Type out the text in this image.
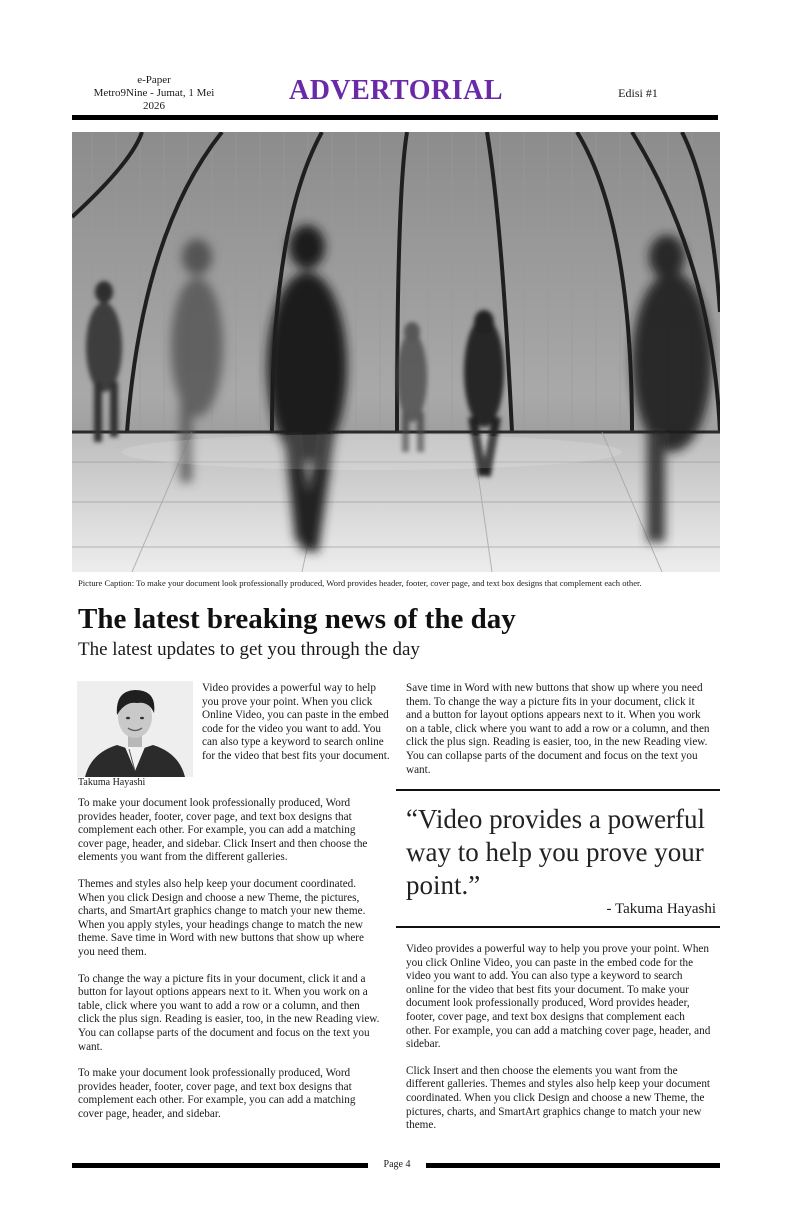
e-Paper
Metro9Nine - Jumat, 1 Mei
2026	ADVERTORIAL	Edisi #1
Picture Caption: To make your document look professionally produced, Word provides header, footer, cover page, and text box designs that complement each other.
The latest breaking news of the day
The latest updates to get you through the day
Takuma Hayashi
Video provides a powerful way to help you prove your point. When you click Online Video, you can paste in the embed code for the video you want to add. You can also type a keyword to search online for the video that best fits your document.

To make your document look professionally produced, Word provides header, footer, cover page, and text box designs that complement each other. For example, you can add a matching cover page, header, and sidebar. Click Insert and then choose the elements you want from the different galleries.

Themes and styles also help keep your document coordinated. When you click Design and choose a new Theme, the pictures, charts, and SmartArt graphics change to match your new theme. When you apply styles, your headings change to match the new theme. Save time in Word with new buttons that show up where you need them.

To change the way a picture fits in your document, click it and a button for layout options appears next to it. When you work on a table, click where you want to add a row or a column, and then click the plus sign. Reading is easier, too, in the new Reading view. You can collapse parts of the document and focus on the text you want.

To make your document look professionally produced, Word provides header, footer, cover page, and text box designs that complement each other. For example, you can add a matching cover page, header, and sidebar.

Save time in Word with new buttons that show up where you need them. To change the way a picture fits in your document, click it and a button for layout options appears next to it. When you work on a table, click where you want to add a row or a column, and then click the plus sign. Reading is easier, too, in the new Reading view. You can collapse parts of the document and focus on the text you want.
“Video provides a powerful way to help you prove your point.”
- Takuma Hayashi

Video provides a powerful way to help you prove your point. When you click Online Video, you can paste in the embed code for the video you want to add. You can also type a keyword to search online for the video that best fits your document. To make your document look professionally produced, Word provides header, footer, cover page, and text box designs that complement each other. For example, you can add a matching cover page, header, and sidebar.

Click Insert and then choose the elements you want from the different galleries. Themes and styles also help keep your document coordinated. When you click Design and choose a new Theme, the pictures, charts, and SmartArt graphics change to match your new theme.

Page 4
